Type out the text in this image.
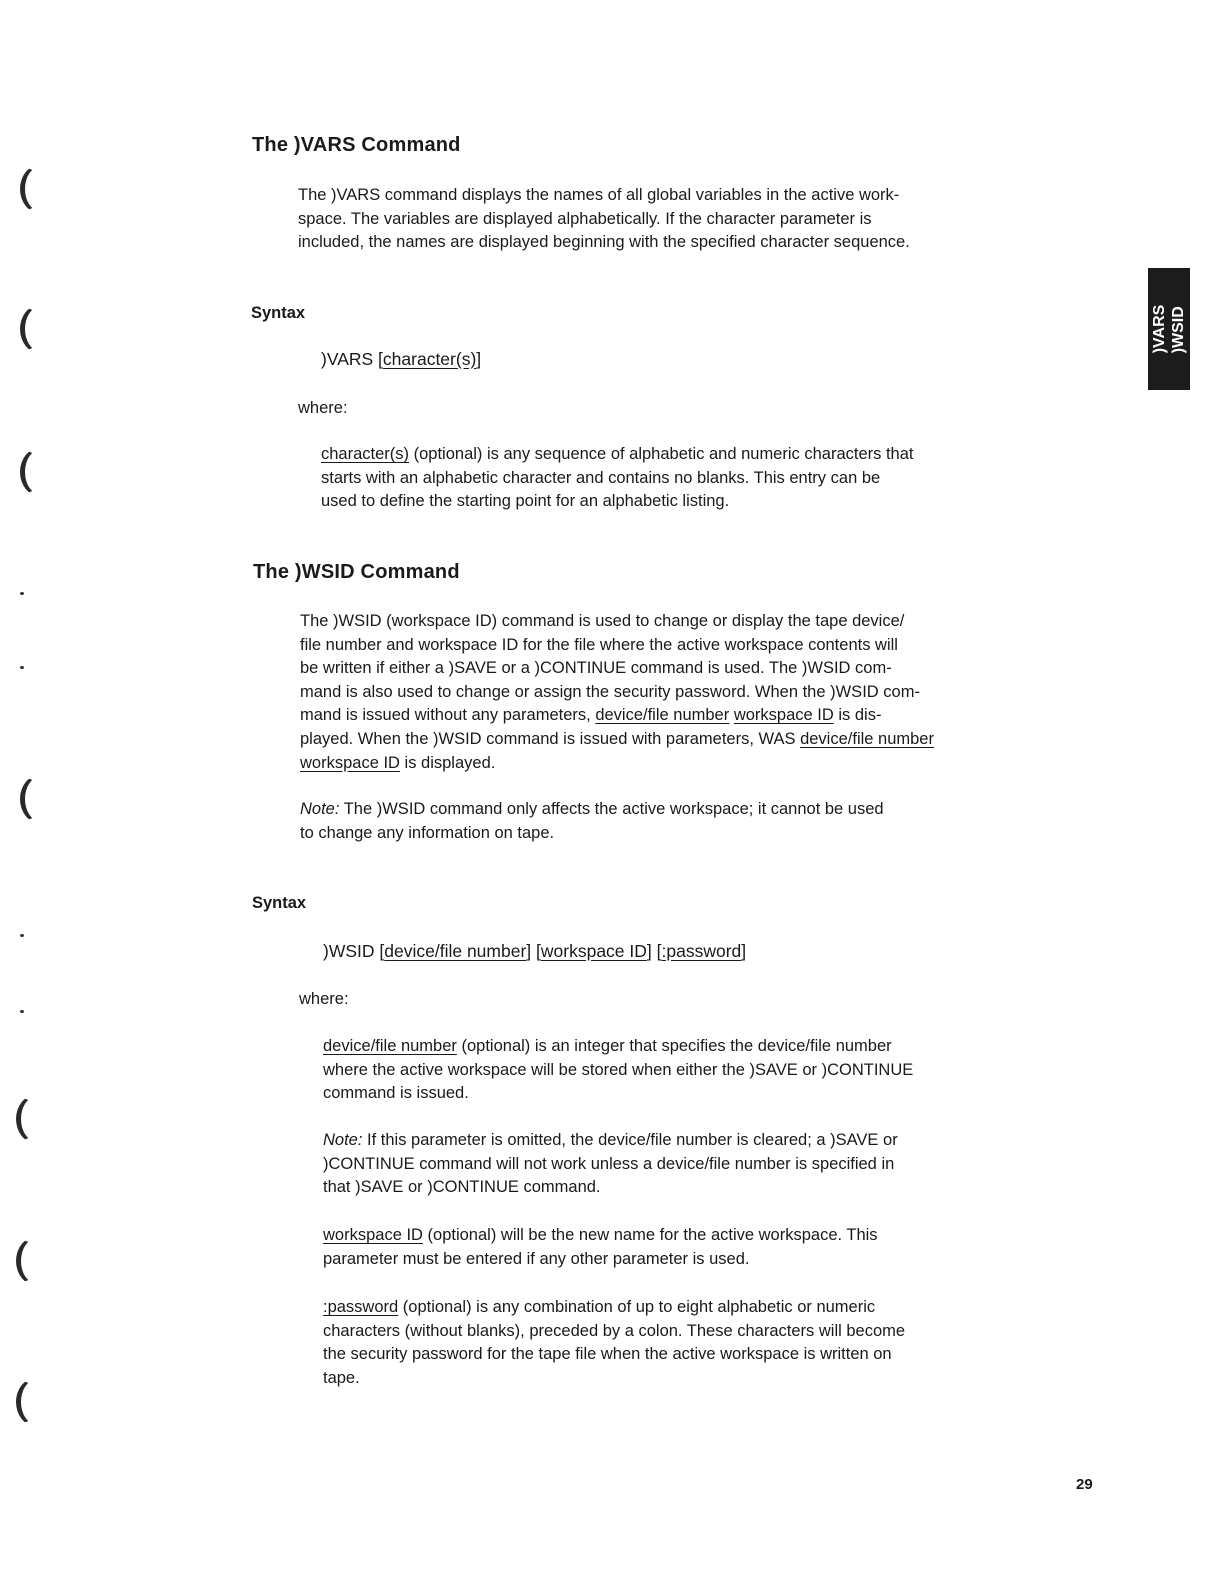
)VARS )WSID
The )VARS Command
The )VARS command displays the names of all global variables in the active work-
space. The variables are displayed alphabetically. If the character parameter is
included, the names are displayed beginning with the specified character sequence.
Syntax
)VARS [character(s)]
where:
character(s) (optional) is any sequence of alphabetic and numeric characters that
starts with an alphabetic character and contains no blanks. This entry can be
used to define the starting point for an alphabetic listing.
The )WSID Command
The )WSID (workspace ID) command is used to change or display the tape device/
file number and workspace ID for the file where the active workspace contents will
be written if either a )SAVE or a )CONTINUE command is used. The )WSID com-
mand is also used to change or assign the security password. When the )WSID com-
mand is issued without any parameters, device/file number workspace ID is dis-
played. When the )WSID command is issued with parameters, WAS device/file number
workspace ID is displayed.
Note: The )WSID command only affects the active workspace; it cannot be used
to change any information on tape.
Syntax
)WSID [device/file number] [workspace ID] [:password]
where:
device/file number (optional) is an integer that specifies the device/file number
where the active workspace will be stored when either the )SAVE or )CONTINUE
command is issued.
Note: If this parameter is omitted, the device/file number is cleared; a )SAVE or
)CONTINUE command will not work unless a device/file number is specified in
that )SAVE or )CONTINUE command.
workspace ID (optional) will be the new name for the active workspace. This
parameter must be entered if any other parameter is used.
:password (optional) is any combination of up to eight alphabetic or numeric
characters (without blanks), preceded by a colon. These characters will become
the security password for the tape file when the active workspace is written on
tape.
29
